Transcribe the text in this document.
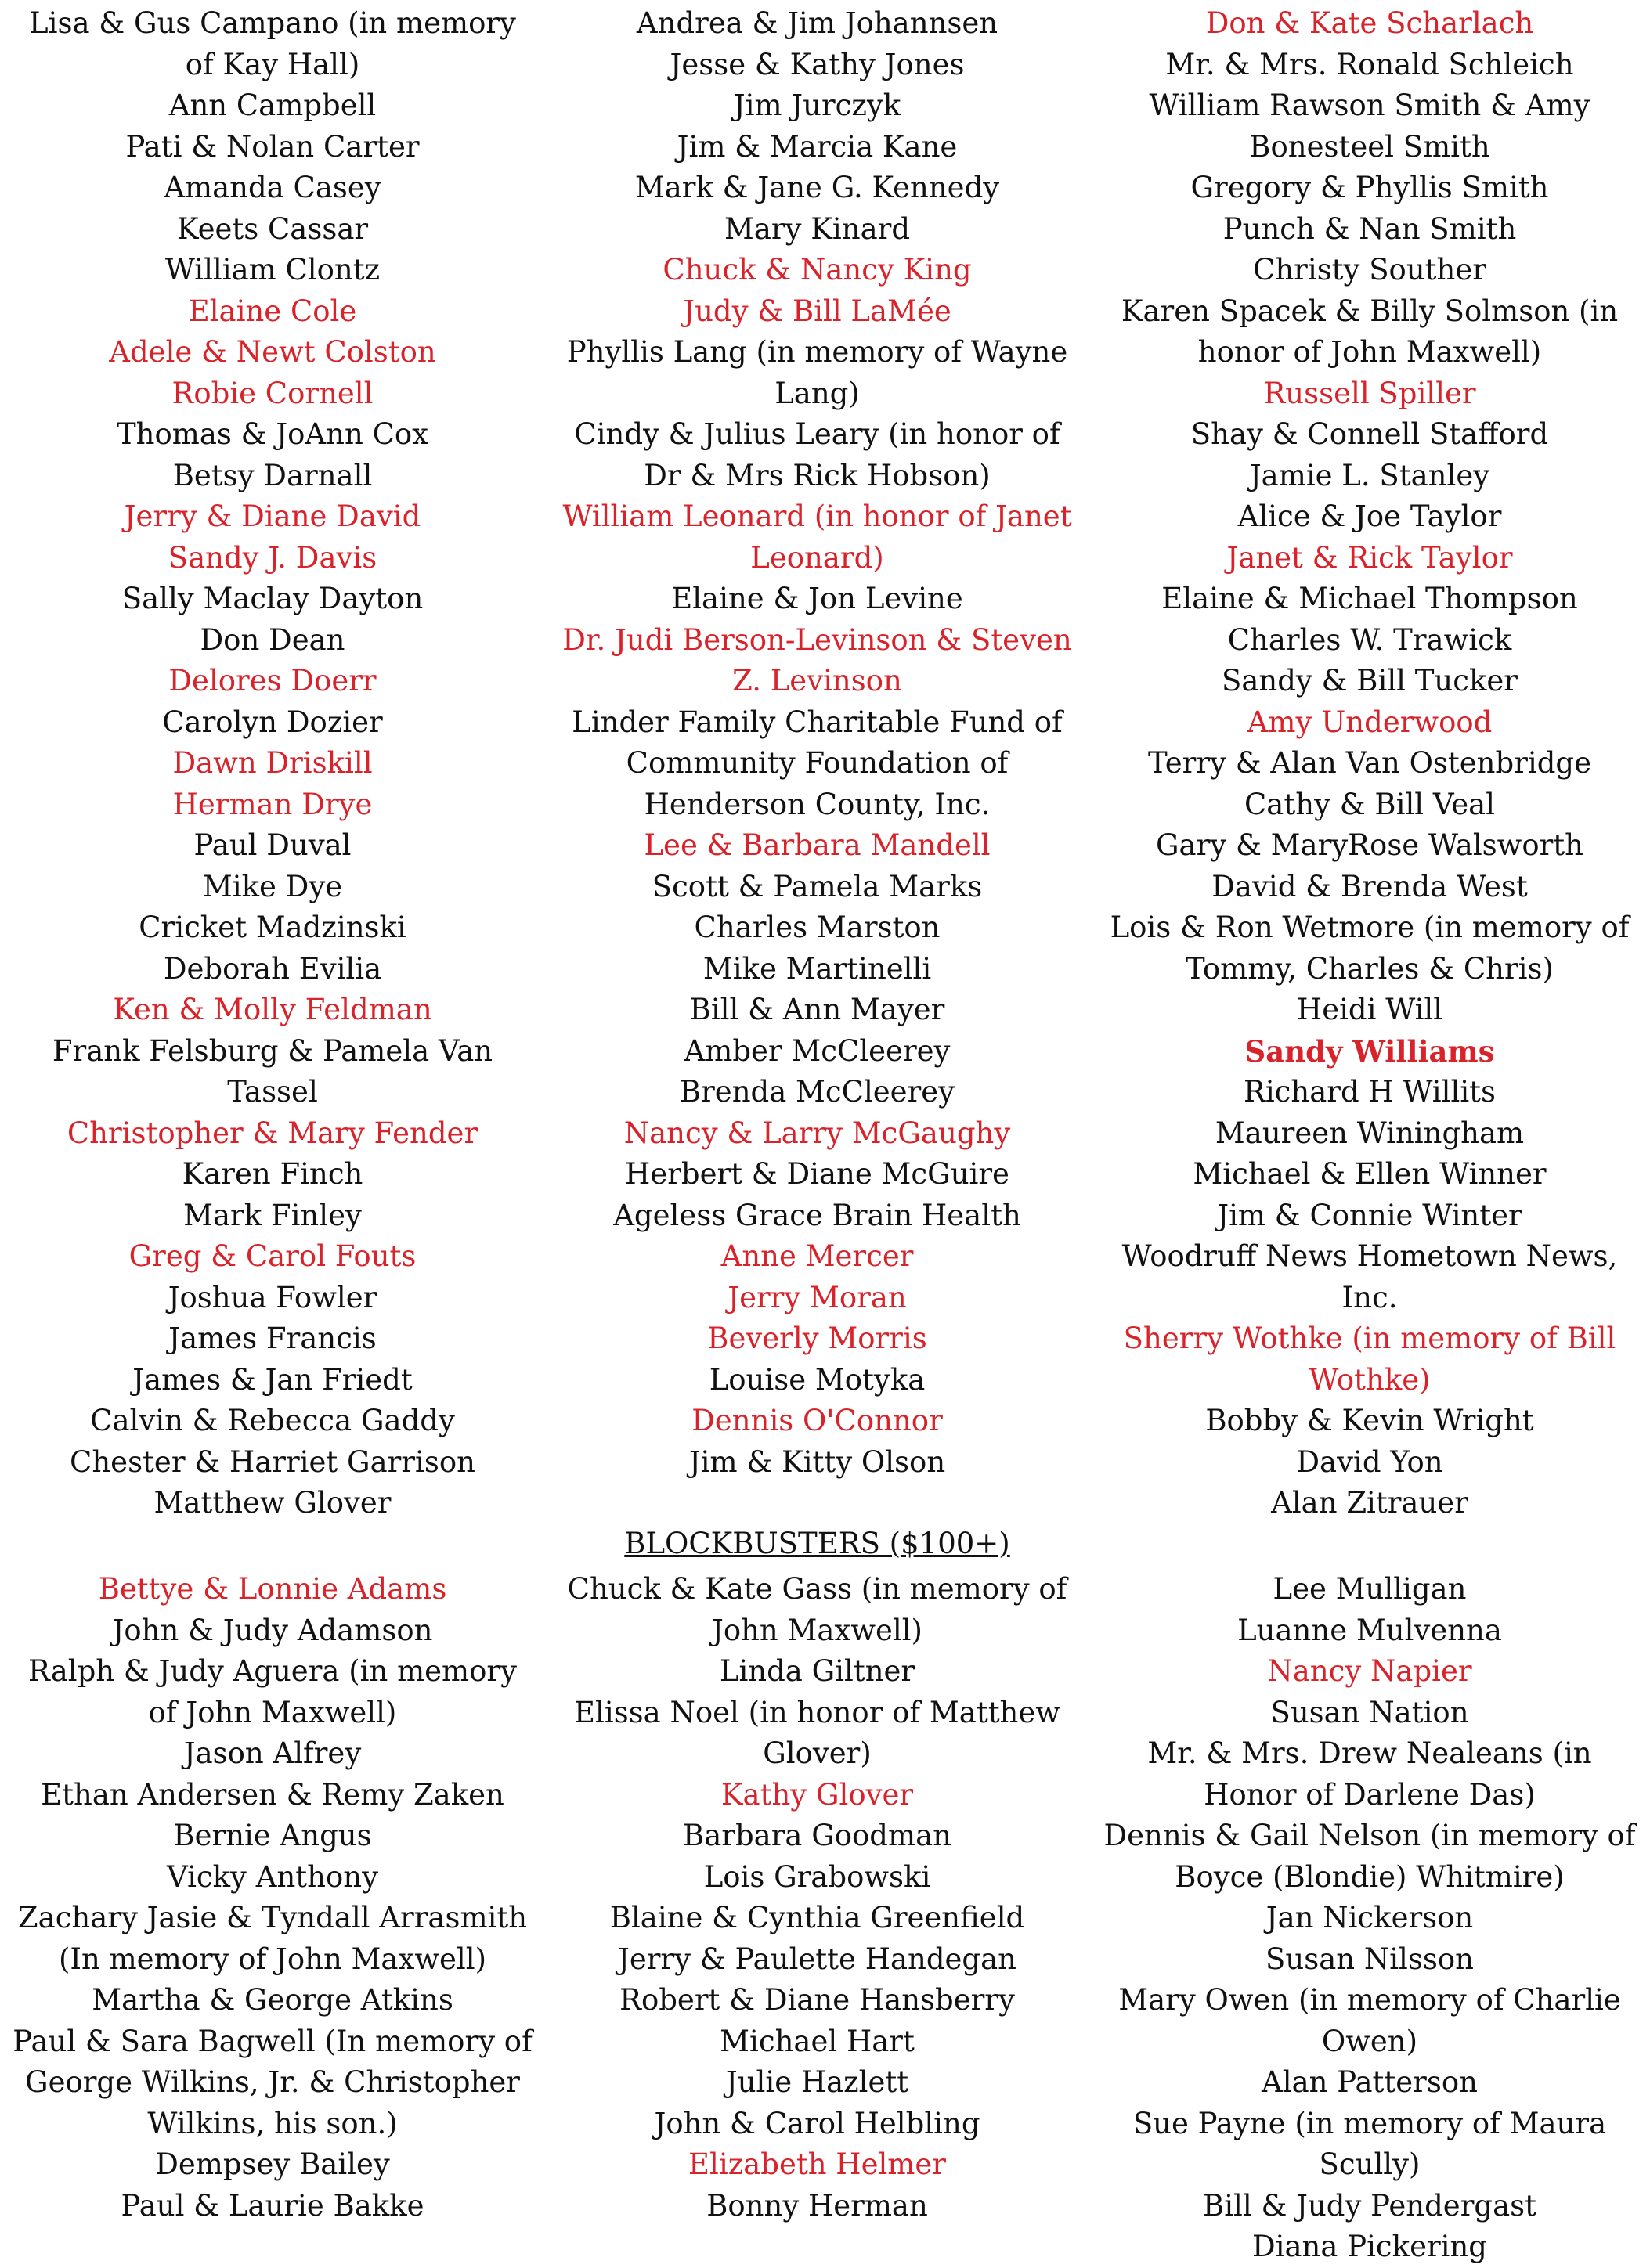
Lisa & Gus Campano (in memory of Kay Hall)
Ann Campbell
Pati & Nolan Carter
Amanda Casey
Keets Cassar
William Clontz
Elaine Cole
Adele & Newt Colston
Robie Cornell
Thomas & JoAnn Cox
Betsy Darnall
Jerry & Diane David
Sandy J. Davis
Sally Maclay Dayton
Don Dean
Delores Doerr
Carolyn Dozier
Dawn Driskill
Herman Drye
Paul Duval
Mike Dye
Cricket Madzinski
Deborah Evilia
Ken & Molly Feldman
Frank Felsburg & Pamela Van Tassel
Christopher & Mary Fender
Karen Finch
Mark Finley
Greg & Carol Fouts
Joshua Fowler
James Francis
James & Jan Friedt
Calvin & Rebecca Gaddy
Chester & Harriet Garrison
Matthew Glover
Andrea & Jim Johannsen
Jesse & Kathy Jones
Jim Jurczyk
Jim & Marcia Kane
Mark & Jane G. Kennedy
Mary Kinard
Chuck & Nancy King
Judy & Bill LaMée
Phyllis Lang (in memory of Wayne Lang)
Cindy & Julius Leary (in honor of Dr & Mrs Rick Hobson)
William Leonard (in honor of Janet Leonard)
Elaine & Jon Levine
Dr. Judi Berson-Levinson & Steven Z. Levinson
Linder Family Charitable Fund of Community Foundation of Henderson County, Inc.
Lee & Barbara Mandell
Scott & Pamela Marks
Charles Marston
Mike Martinelli
Bill & Ann Mayer
Amber McCleerey
Brenda McCleerey
Nancy & Larry McGaughy
Herbert & Diane McGuire
Ageless Grace Brain Health
Anne Mercer
Jerry Moran
Beverly Morris
Louise Motyka
Dennis O'Connor
Jim & Kitty Olson
Don & Kate Scharlach
Mr. & Mrs. Ronald Schleich
William Rawson Smith & Amy Bonesteel Smith
Gregory & Phyllis Smith
Punch & Nan Smith
Christy Souther
Karen Spacek & Billy Solmson (in honor of John Maxwell)
Russell Spiller
Shay & Connell Stafford
Jamie L. Stanley
Alice & Joe Taylor
Janet & Rick Taylor
Elaine & Michael Thompson
Charles W. Trawick
Sandy & Bill Tucker
Amy Underwood
Terry & Alan Van Ostenbridge
Cathy & Bill Veal
Gary & MaryRose Walsworth
David & Brenda West
Lois & Ron Wetmore (in memory of Tommy, Charles & Chris)
Heidi Will
Sandy Williams
Richard H Willits
Maureen Winingham
Michael & Ellen Winner
Jim & Connie Winter
Woodruff News Hometown News, Inc.
Sherry Wothke (in memory of Bill Wothke)
Bobby & Kevin Wright
David Yon
Alan Zitrauer
BLOCKBUSTERS ($100+)
Bettye & Lonnie Adams
John & Judy Adamson
Ralph & Judy Aguera (in memory of John Maxwell)
Jason Alfrey
Ethan Andersen & Remy Zaken
Bernie Angus
Vicky Anthony
Zachary Jasie & Tyndall Arrasmith (In memory of John Maxwell)
Martha & George Atkins
Paul & Sara Bagwell (In memory of George Wilkins, Jr. & Christopher Wilkins, his son.)
Dempsey Bailey
Paul & Laurie Bakke
Chuck & Kate Gass (in memory of John Maxwell)
Linda Giltner
Elissa Noel (in honor of Matthew Glover)
Kathy Glover
Barbara Goodman
Lois Grabowski
Blaine & Cynthia Greenfield
Jerry & Paulette Handegan
Robert & Diane Hansberry
Michael Hart
Julie Hazlett
John & Carol Helbling
Elizabeth Helmer
Bonny Herman
Lee Mulligan
Luanne Mulvenna
Nancy Napier
Susan Nation
Mr. & Mrs. Drew Nealeans (in Honor of Darlene Das)
Dennis & Gail Nelson (in memory of Boyce (Blondie) Whitmire)
Jan Nickerson
Susan Nilsson
Mary Owen (in memory of Charlie Owen)
Alan Patterson
Sue Payne (in memory of Maura Scully)
Bill & Judy Pendergast
Diana Pickering
